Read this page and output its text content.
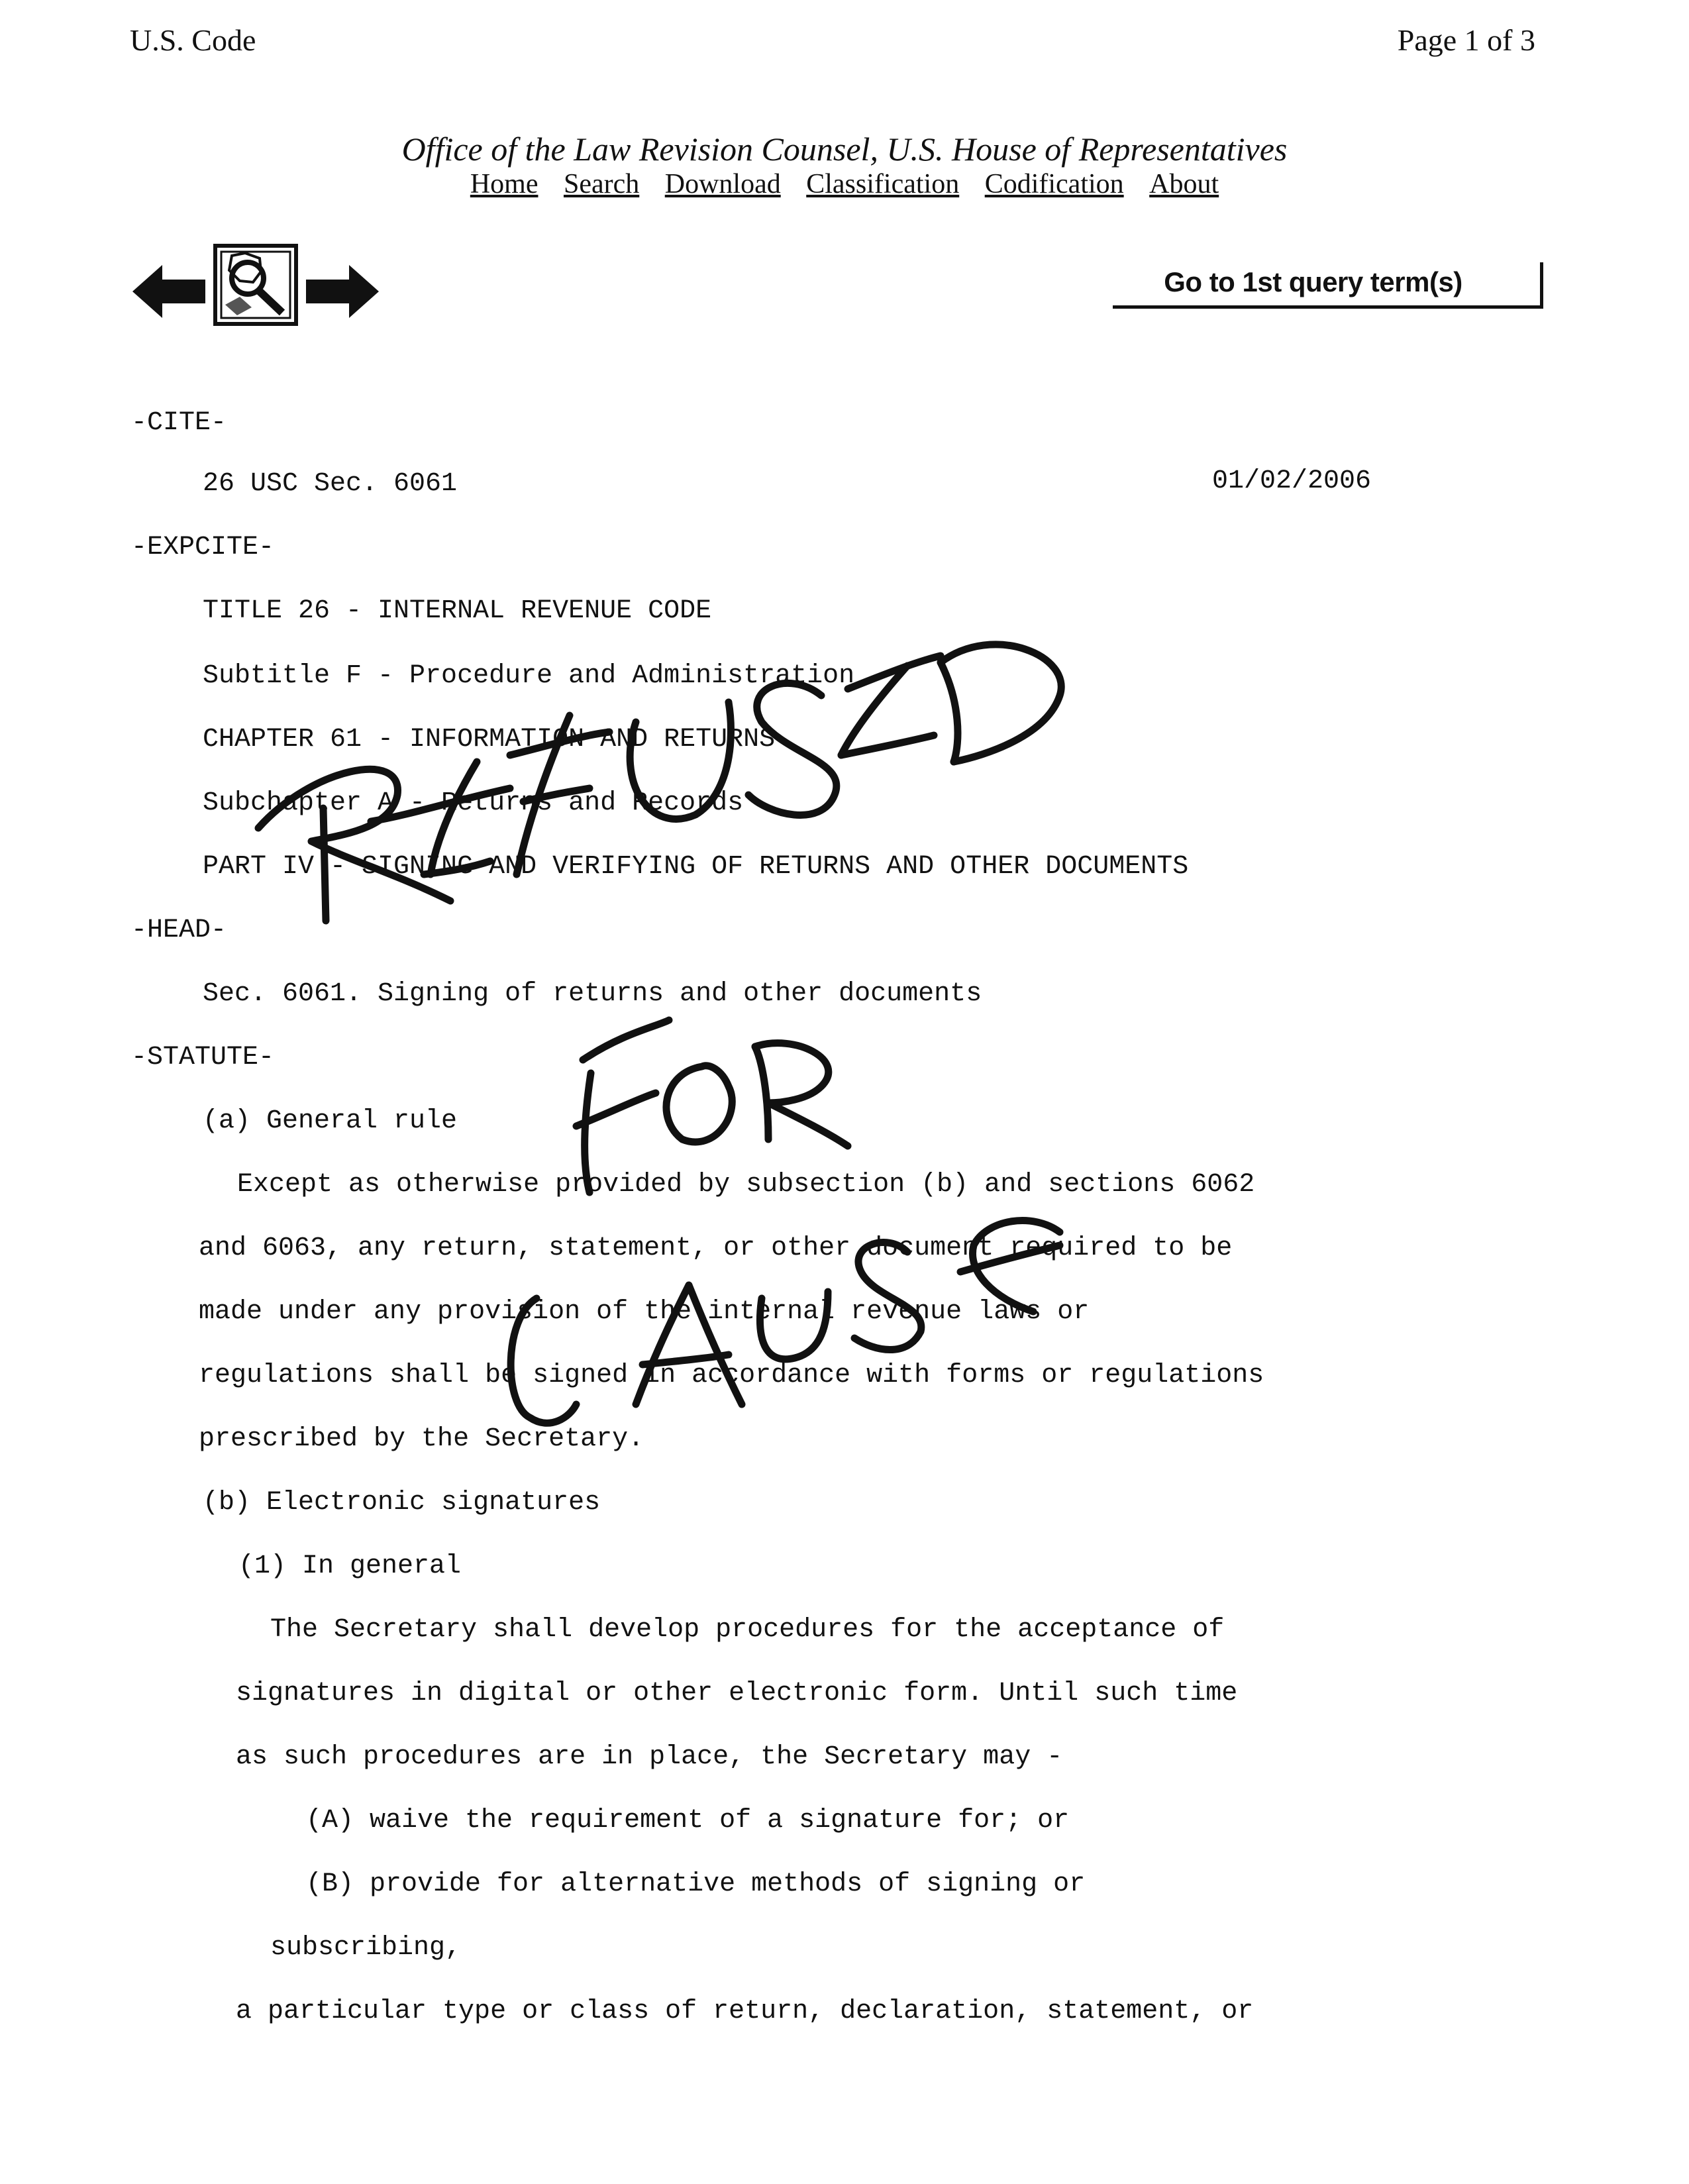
U.S. Code	Page 1 of 3
Office of the Law Revision Counsel, U.S. House of Representatives
Home Search Download Classification Codification About
Go to 1st query term(s)

-CITE-

26 USC Sec. 6061

	01/02/2006

-EXPCITE-

TITLE 26 - INTERNAL REVENUE CODE

Subtitle F - Procedure and Administration

CHAPTER 61 - INFORMATION AND RETURNS

Subchapter A - Returns and Records

PART IV - SIGNING AND VERIFYING OF RETURNS AND OTHER DOCUMENTS

-HEAD-

Sec. 6061. Signing of returns and other documents

-STATUTE-

(a) General rule

Except as otherwise provided by subsection (b) and sections 6062

and 6063, any return, statement, or other document required to be

made under any provision of the internal revenue laws or

regulations shall be signed in accordance with forms or regulations

prescribed by the Secretary.

(b) Electronic signatures

(1) In general

The Secretary shall develop procedures for the acceptance of

signatures in digital or other electronic form. Until such time

as such procedures are in place, the Secretary may -

(A) waive the requirement of a signature for; or

(B) provide for alternative methods of signing or

subscribing,

a particular type or class of return, declaration, statement, or
